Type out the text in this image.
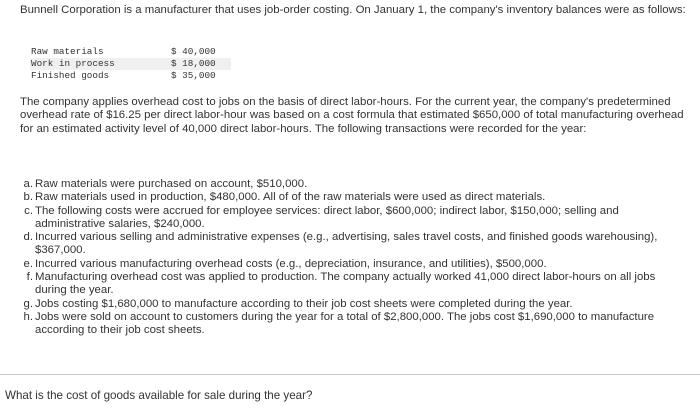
Bunnell Corporation is a manufacturer that uses job-order costing. On January 1, the company's inventory balances were as follows:

Raw materials	$ 40,000
Work in process	$ 18,000
Finished goods	$ 35,000

The company applies overhead cost to jobs on the basis of direct labor-hours. For the current year, the company's predetermined overhead rate of $16.25 per direct labor-hour was based on a cost formula that estimated $650,000 of total manufacturing overhead for an estimated activity level of 40,000 direct labor-hours. The following transactions were recorded for the year:

a. Raw materials were purchased on account, $510,000.
b. Raw materials used in production, $480,000. All of of the raw materials were used as direct materials.
c. The following costs were accrued for employee services: direct labor, $600,000; indirect labor, $150,000; selling and administrative salaries, $240,000.
d. Incurred various selling and administrative expenses (e.g., advertising, sales travel costs, and finished goods warehousing), $367,000.
e. Incurred various manufacturing overhead costs (e.g., depreciation, insurance, and utilities), $500,000.
f. Manufacturing overhead cost was applied to production. The company actually worked 41,000 direct labor-hours on all jobs during the year.
g. Jobs costing $1,680,000 to manufacture according to their job cost sheets were completed during the year.
h. Jobs were sold on account to customers during the year for a total of $2,800,000. The jobs cost $1,690,000 to manufacture according to their job cost sheets.

What is the cost of goods available for sale during the year?
